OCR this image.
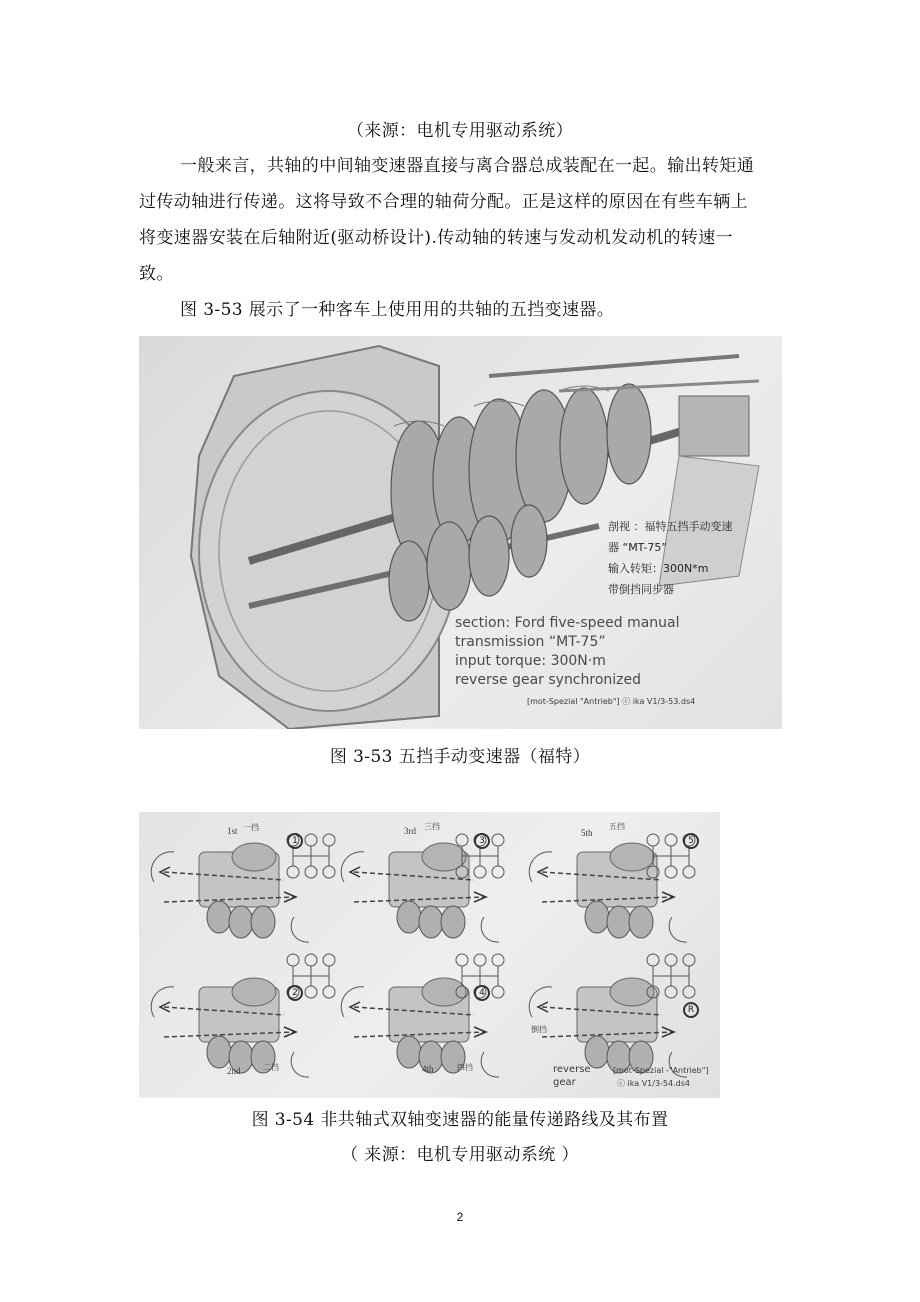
（来源：电机专用驱动系统）
一般来言，共轴的中间轴变速器直接与离合器总成装配在一起。输出转矩通
过传动轴进行传递。这将导致不合理的轴荷分配。正是这样的原因在有些车辆上
将变速器安装在后轴附近(驱动桥设计).传动轴的转速与发动机发动机的转速一
致。
图 3-53 展示了一种客车上使用用的共轴的五挡变速器。
剖视 ：福特五挡手动变速
器 “MT-75”
输入转矩：300N*m
带倒挡同步器
section: Ford five-speed manual
transmission “MT-75”
input torque: 300N·m
reverse gear synchronized
[mot-Spezial "Antrieb"] ⓒ ika V1/3-53.ds4
图 3-53 五挡手动变速器（福特）
1	3	5
2	4
R
1st 一挡	3rd 三挡
5th
五挡
2nd	二挡	4th	四挡
倒挡
reverse gear
[mot-Spezial -"Antrieb"]
ⓒ ika V1/3-54.ds4
图 3-54 非共轴式双轴变速器的能量传递路线及其布置
（ 来源：电机专用驱动系统 ）
2
